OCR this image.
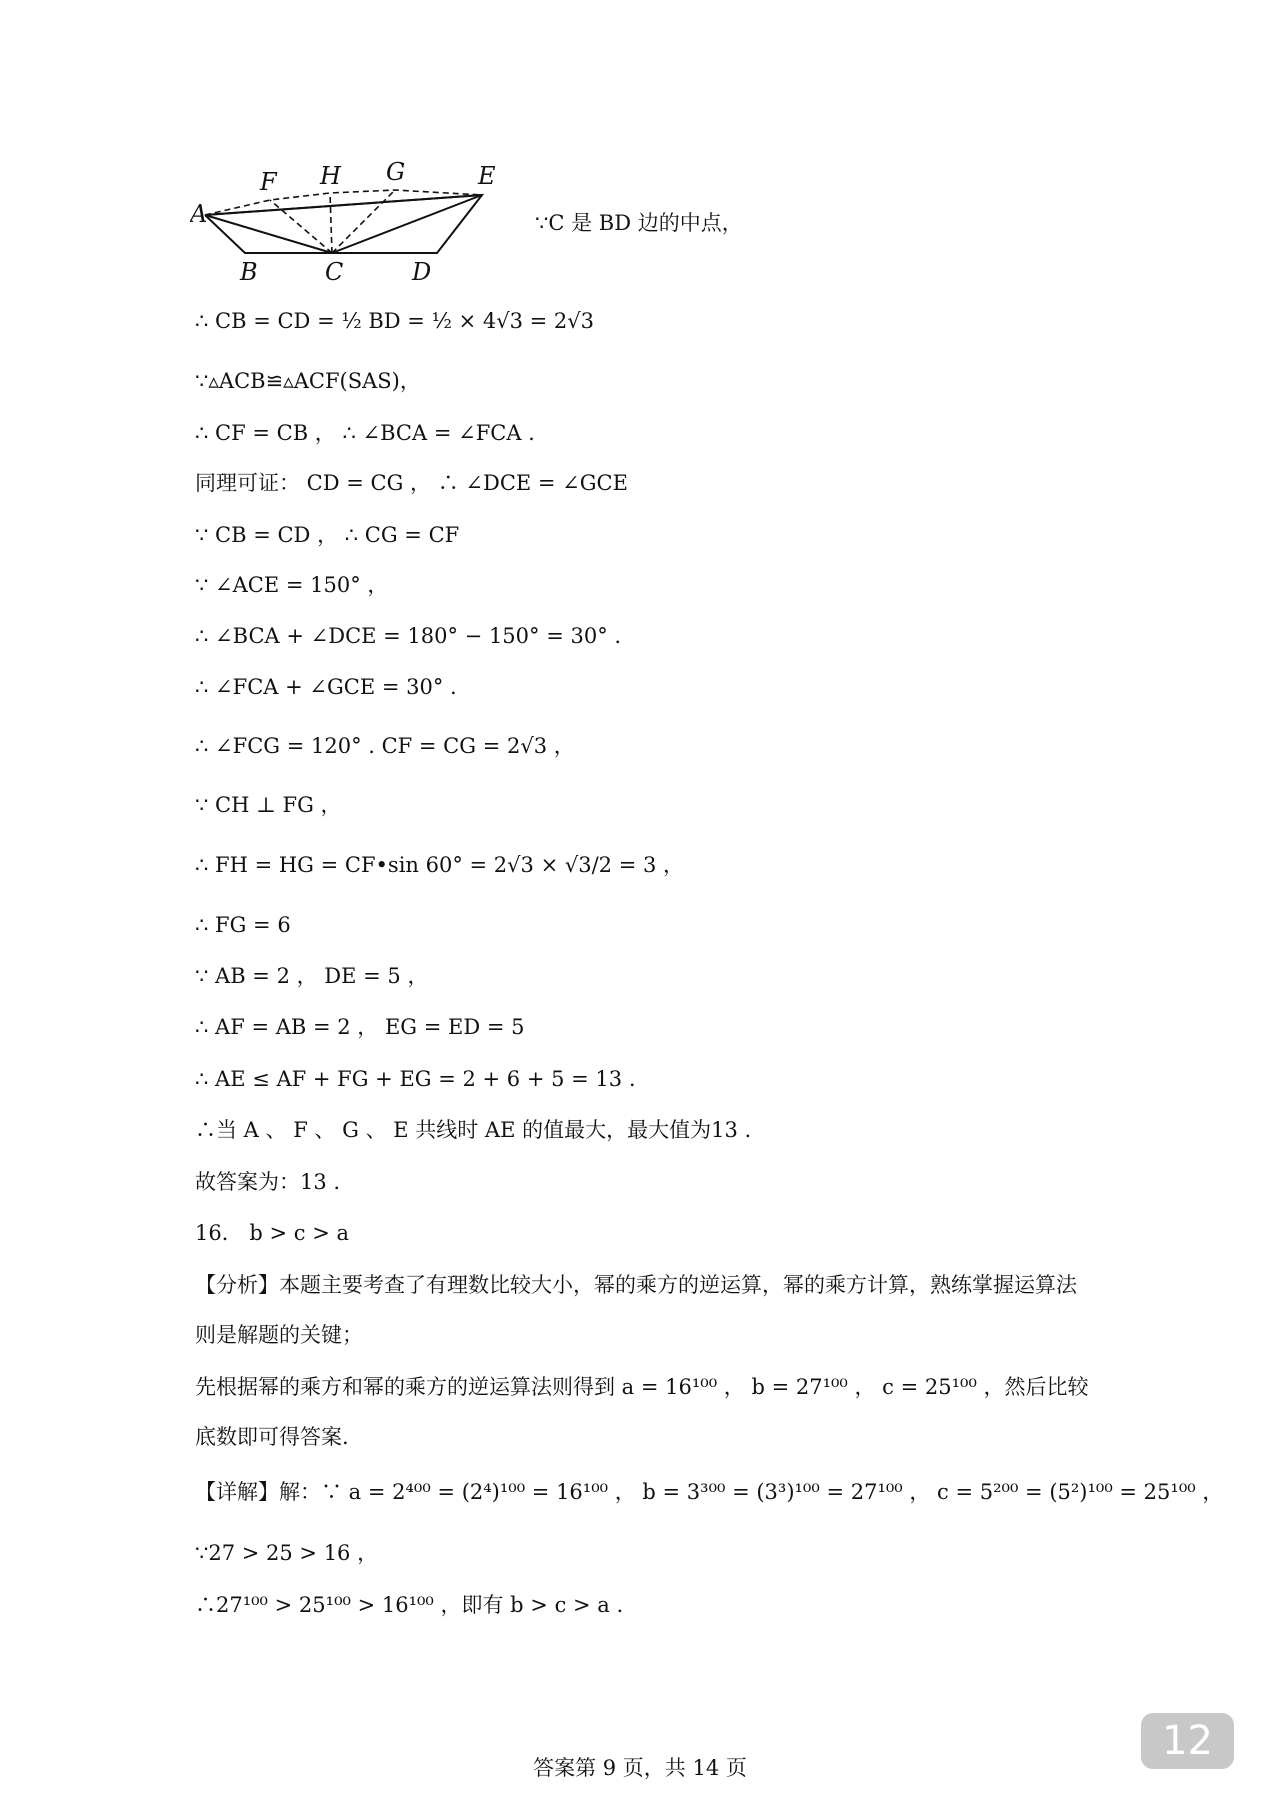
A
F H G	E
B	C	D
∵C 是 BD 边的中点，
∴ CB = CD = ½ BD = ½ × 4√3 = 2√3
∵▵ACB≌▵ACF(SAS)，
∴ CF = CB ， ∴ ∠BCA = ∠FCA .
同理可证： CD = CG ， ∴ ∠DCE = ∠GCE
∵ CB = CD ， ∴ CG = CF
∵ ∠ACE = 150° ，
∴ ∠BCA + ∠DCE = 180° − 150° = 30° .
∴ ∠FCA + ∠GCE = 30° .
∴ ∠FCG = 120° . CF = CG = 2√3 ，
∵ CH ⊥ FG ，
∴ FH = HG = CF•sin 60° = 2√3 × √3/2 = 3 ，
∴ FG = 6
∵ AB = 2 ， DE = 5 ，
∴ AF = AB = 2 ， EG = ED = 5
∴ AE ≤ AF + FG + EG = 2 + 6 + 5 = 13 .
∴当 A 、 F 、 G 、 E 共线时 AE 的值最大，最大值为13 .
故答案为：13 .
16． b > c > a
【分析】本题主要考查了有理数比较大小，幂的乘方的逆运算，幂的乘方计算，熟练掌握运算法则是解题的关键；
先根据幂的乘方和幂的乘方的逆运算法则得到 a = 16¹⁰⁰ ， b = 27¹⁰⁰ ， c = 25¹⁰⁰ ，然后比较底数即可得答案.
【详解】解：∵ a = 2⁴⁰⁰ = (2⁴)¹⁰⁰ = 16¹⁰⁰ ， b = 3³⁰⁰ = (3³)¹⁰⁰ = 27¹⁰⁰ ， c = 5²⁰⁰ = (5²)¹⁰⁰ = 25¹⁰⁰ ，
∵27 > 25 > 16 ，
∴27¹⁰⁰ > 25¹⁰⁰ > 16¹⁰⁰ ，即有 b > c > a .
答案第 9 页，共 14 页
12
